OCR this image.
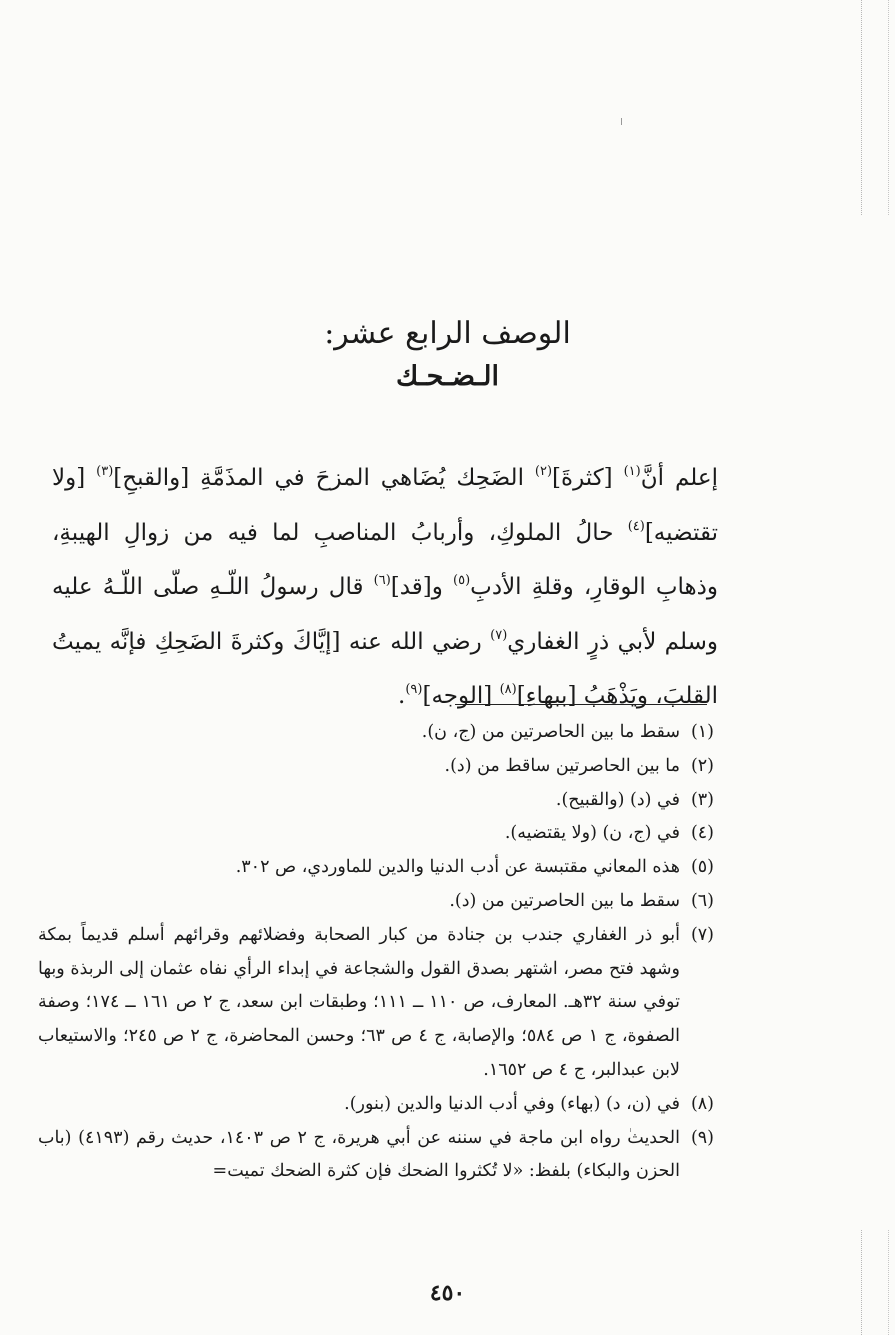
الوصف الرابع عشر:
الـضـحـك
إعلم أنَّ$^{(١)}$ [كثرةَ]$^{(٢)}$ الضَحِك يُضَاهي المزحَ في المذَمَّةِ [والقبحِ]$^{(٣)}$ [ولا تقتضيه]$^{(٤)}$ حالُ الملوكِ، وأربابُ المناصبِ لما فيه من زوالِ الهيبةِ، وذهابِ الوقارِ، وقلةِ الأدبِ$^{(٥)}$ و[قد]$^{(٦)}$ قال رسولُ اللّـهِ صلّى اللّـهُ عليه وسلم لأبي ذرٍ الغفاري$^{(٧)}$ رضي الله عنه [إيَّاكَ وكثرةَ الضَحِكِ فإنَّه يميتُ القلبَ، ويَذْهَبُ [ببهاءِ]$^{(٨)}$ [الوجه]$^{(٩)}$.
(١)
سقط ما بين الحاصرتين من (ج، ن).
(٢)
ما بين الحاصرتين ساقط من (د).
(٣)
في (د) (والقبيح).
(٤)
في (ج، ن) (ولا يقتضيه).
(٥)
هذه المعاني مقتبسة عن أدب الدنيا والدين للماوردي، ص ٣٠٢.
(٦)
سقط ما بين الحاصرتين من (د).
(٧)
أبو ذر الغفاري جندب بن جنادة من كبار الصحابة وفضلائهم وقرائهم أسلم قديماً بمكة وشهد فتح مصر، اشتهر بصدق القول والشجاعة في إبداء الرأي نفاه عثمان إلى الربذة وبها توفي سنة ٣٢هـ. المعارف، ص ١١٠ ــ ١١١؛ وطبقات ابن سعد، ج ٢ ص ١٦١ ــ ١٧٤؛ وصفة الصفوة، ج ١ ص ٥٨٤؛ والإصابة، ج ٤ ص ٦٣؛ وحسن المحاضرة، ج ٢ ص ٢٤٥؛ والاستيعاب لابن عبدالبر، ج ٤ ص ١٦٥٢.
(٨)
في (ن، د) (بهاء) وفي أدب الدنيا والدين (بنور).
(٩)
الحديث رواه ابن ماجة في سننه عن أبي هريرة، ج ٢ ص ١٤٠٣، حديث رقم (٤١٩٣) (باب الحزن والبكاء) بلفظ: «لا تُكثروا الضحك فإن كثرة الضحك تميت=
٤٥٠
